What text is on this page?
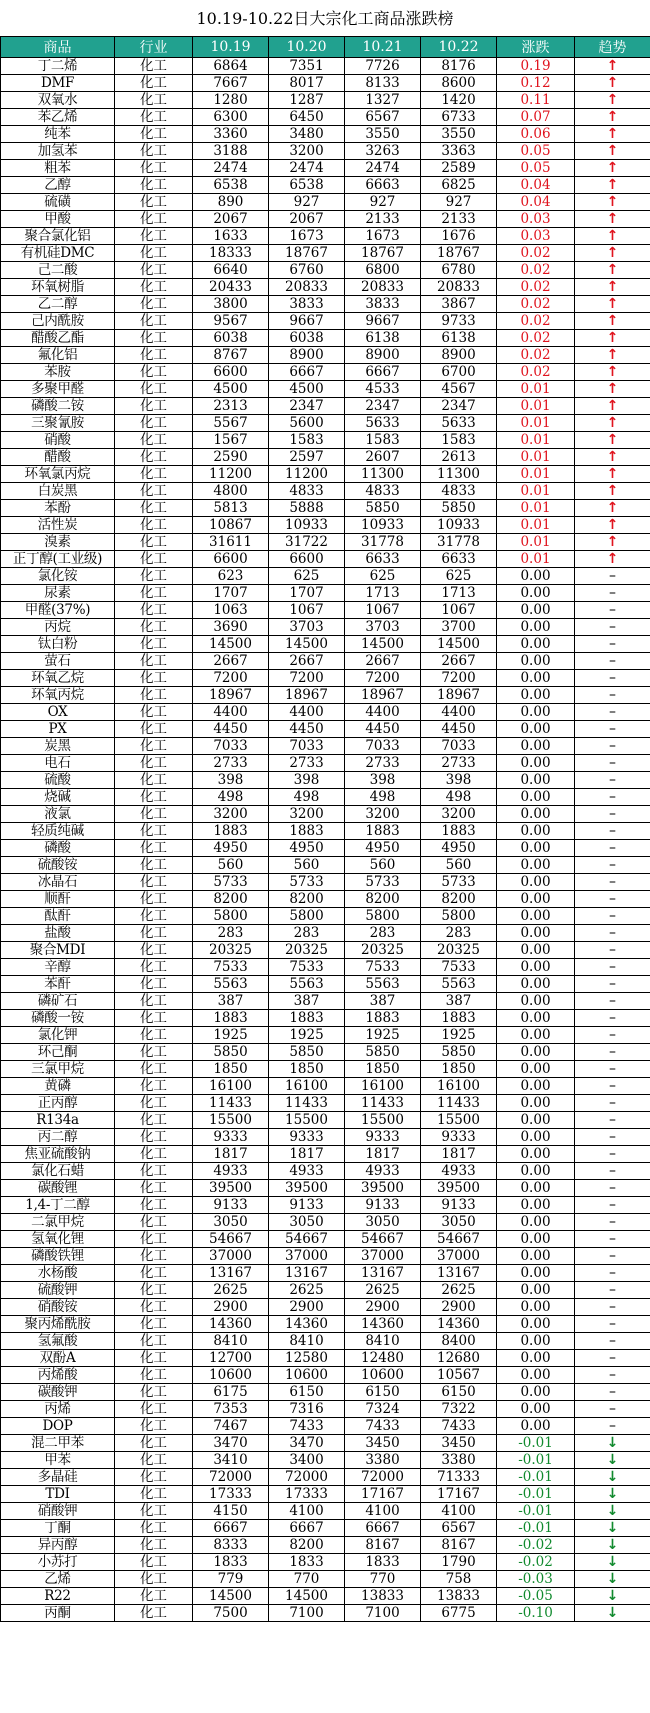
10.19-10.22日大宗化工商品涨跌榜
商品	行业	10.19	10.20	10.21	10.22	涨跌	趋势
丁二烯	化工	6864	7351	7726	8176	0.19	↑
DMF	化工	7667	8017	8133	8600	0.12	↑
双氧水	化工	1280	1287	1327	1420	0.11	↑
苯乙烯	化工	6300	6450	6567	6733	0.07	↑
纯苯	化工	3360	3480	3550	3550	0.06	↑
加氢苯	化工	3188	3200	3263	3363	0.05	↑
粗苯	化工	2474	2474	2474	2589	0.05	↑
乙醇	化工	6538	6538	6663	6825	0.04	↑
硫磺	化工	890	927	927	927	0.04	↑
甲酸	化工	2067	2067	2133	2133	0.03	↑
聚合氯化铝	化工	1633	1673	1673	1676	0.03	↑
有机硅DMC	化工	18333	18767	18767	18767	0.02	↑
己二酸	化工	6640	6760	6800	6780	0.02	↑
环氧树脂	化工	20433	20833	20833	20833	0.02	↑
乙二醇	化工	3800	3833	3833	3867	0.02	↑
己内酰胺	化工	9567	9667	9667	9733	0.02	↑
醋酸乙酯	化工	6038	6038	6138	6138	0.02	↑
氟化铝	化工	8767	8900	8900	8900	0.02	↑
苯胺	化工	6600	6667	6667	6700	0.02	↑
多聚甲醛	化工	4500	4500	4533	4567	0.01	↑
磷酸二铵	化工	2313	2347	2347	2347	0.01	↑
三聚氰胺	化工	5567	5600	5633	5633	0.01	↑
硝酸	化工	1567	1583	1583	1583	0.01	↑
醋酸	化工	2590	2597	2607	2613	0.01	↑
环氧氯丙烷	化工	11200	11200	11300	11300	0.01	↑
白炭黑	化工	4800	4833	4833	4833	0.01	↑
苯酚	化工	5813	5888	5850	5850	0.01	↑
活性炭	化工	10867	10933	10933	10933	0.01	↑
溴素	化工	31611	31722	31778	31778	0.01	↑
正丁醇(工业级)	化工	6600	6600	6633	6633	0.01	↑
氯化铵	化工	623	625	625	625	0.00	–
尿素	化工	1707	1707	1713	1713	0.00	–
甲醛(37%)	化工	1063	1067	1067	1067	0.00	–
丙烷	化工	3690	3703	3703	3700	0.00	–
钛白粉	化工	14500	14500	14500	14500	0.00	–
萤石	化工	2667	2667	2667	2667	0.00	–
环氧乙烷	化工	7200	7200	7200	7200	0.00	–
环氧丙烷	化工	18967	18967	18967	18967	0.00	–
OX	化工	4400	4400	4400	4400	0.00	–
PX	化工	4450	4450	4450	4450	0.00	–
炭黑	化工	7033	7033	7033	7033	0.00	–
电石	化工	2733	2733	2733	2733	0.00	–
硫酸	化工	398	398	398	398	0.00	–
烧碱	化工	498	498	498	498	0.00	–
液氯	化工	3200	3200	3200	3200	0.00	–
轻质纯碱	化工	1883	1883	1883	1883	0.00	–
磷酸	化工	4950	4950	4950	4950	0.00	–
硫酸铵	化工	560	560	560	560	0.00	–
冰晶石	化工	5733	5733	5733	5733	0.00	–
顺酐	化工	8200	8200	8200	8200	0.00	–
酞酐	化工	5800	5800	5800	5800	0.00	–
盐酸	化工	283	283	283	283	0.00	–
聚合MDI	化工	20325	20325	20325	20325	0.00	–
辛醇	化工	7533	7533	7533	7533	0.00	–
苯酐	化工	5563	5563	5563	5563	0.00	–
磷矿石	化工	387	387	387	387	0.00	–
磷酸一铵	化工	1883	1883	1883	1883	0.00	–
氯化钾	化工	1925	1925	1925	1925	0.00	–
环己酮	化工	5850	5850	5850	5850	0.00	–
三氯甲烷	化工	1850	1850	1850	1850	0.00	–
黄磷	化工	16100	16100	16100	16100	0.00	–
正丙醇	化工	11433	11433	11433	11433	0.00	–
R134a	化工	15500	15500	15500	15500	0.00	–
丙二醇	化工	9333	9333	9333	9333	0.00	–
焦亚硫酸钠	化工	1817	1817	1817	1817	0.00	–
氯化石蜡	化工	4933	4933	4933	4933	0.00	–
碳酸锂	化工	39500	39500	39500	39500	0.00	–
1,4-丁二醇	化工	9133	9133	9133	9133	0.00	–
二氯甲烷	化工	3050	3050	3050	3050	0.00	–
氢氧化锂	化工	54667	54667	54667	54667	0.00	–
磷酸铁锂	化工	37000	37000	37000	37000	0.00	–
水杨酸	化工	13167	13167	13167	13167	0.00	–
硫酸钾	化工	2625	2625	2625	2625	0.00	–
硝酸铵	化工	2900	2900	2900	2900	0.00	–
聚丙烯酰胺	化工	14360	14360	14360	14360	0.00	–
氢氟酸	化工	8410	8410	8410	8400	0.00	–
双酚A	化工	12700	12580	12480	12680	0.00	–
丙烯酸	化工	10600	10600	10600	10567	0.00	–
碳酸钾	化工	6175	6150	6150	6150	0.00	–
丙烯	化工	7353	7316	7324	7322	0.00	–
DOP	化工	7467	7433	7433	7433	0.00	–
混二甲苯	化工	3470	3470	3450	3450	-0.01	↓
甲苯	化工	3410	3400	3380	3380	-0.01	↓
多晶硅	化工	72000	72000	72000	71333	-0.01	↓
TDI	化工	17333	17333	17167	17167	-0.01	↓
硝酸钾	化工	4150	4100	4100	4100	-0.01	↓
丁酮	化工	6667	6667	6667	6567	-0.01	↓
异丙醇	化工	8333	8200	8167	8167	-0.02	↓
小苏打	化工	1833	1833	1833	1790	-0.02	↓
乙烯	化工	779	770	770	758	-0.03	↓
R22	化工	14500	14500	13833	13833	-0.05	↓
丙酮	化工	7500	7100	7100	6775	-0.10	↓
